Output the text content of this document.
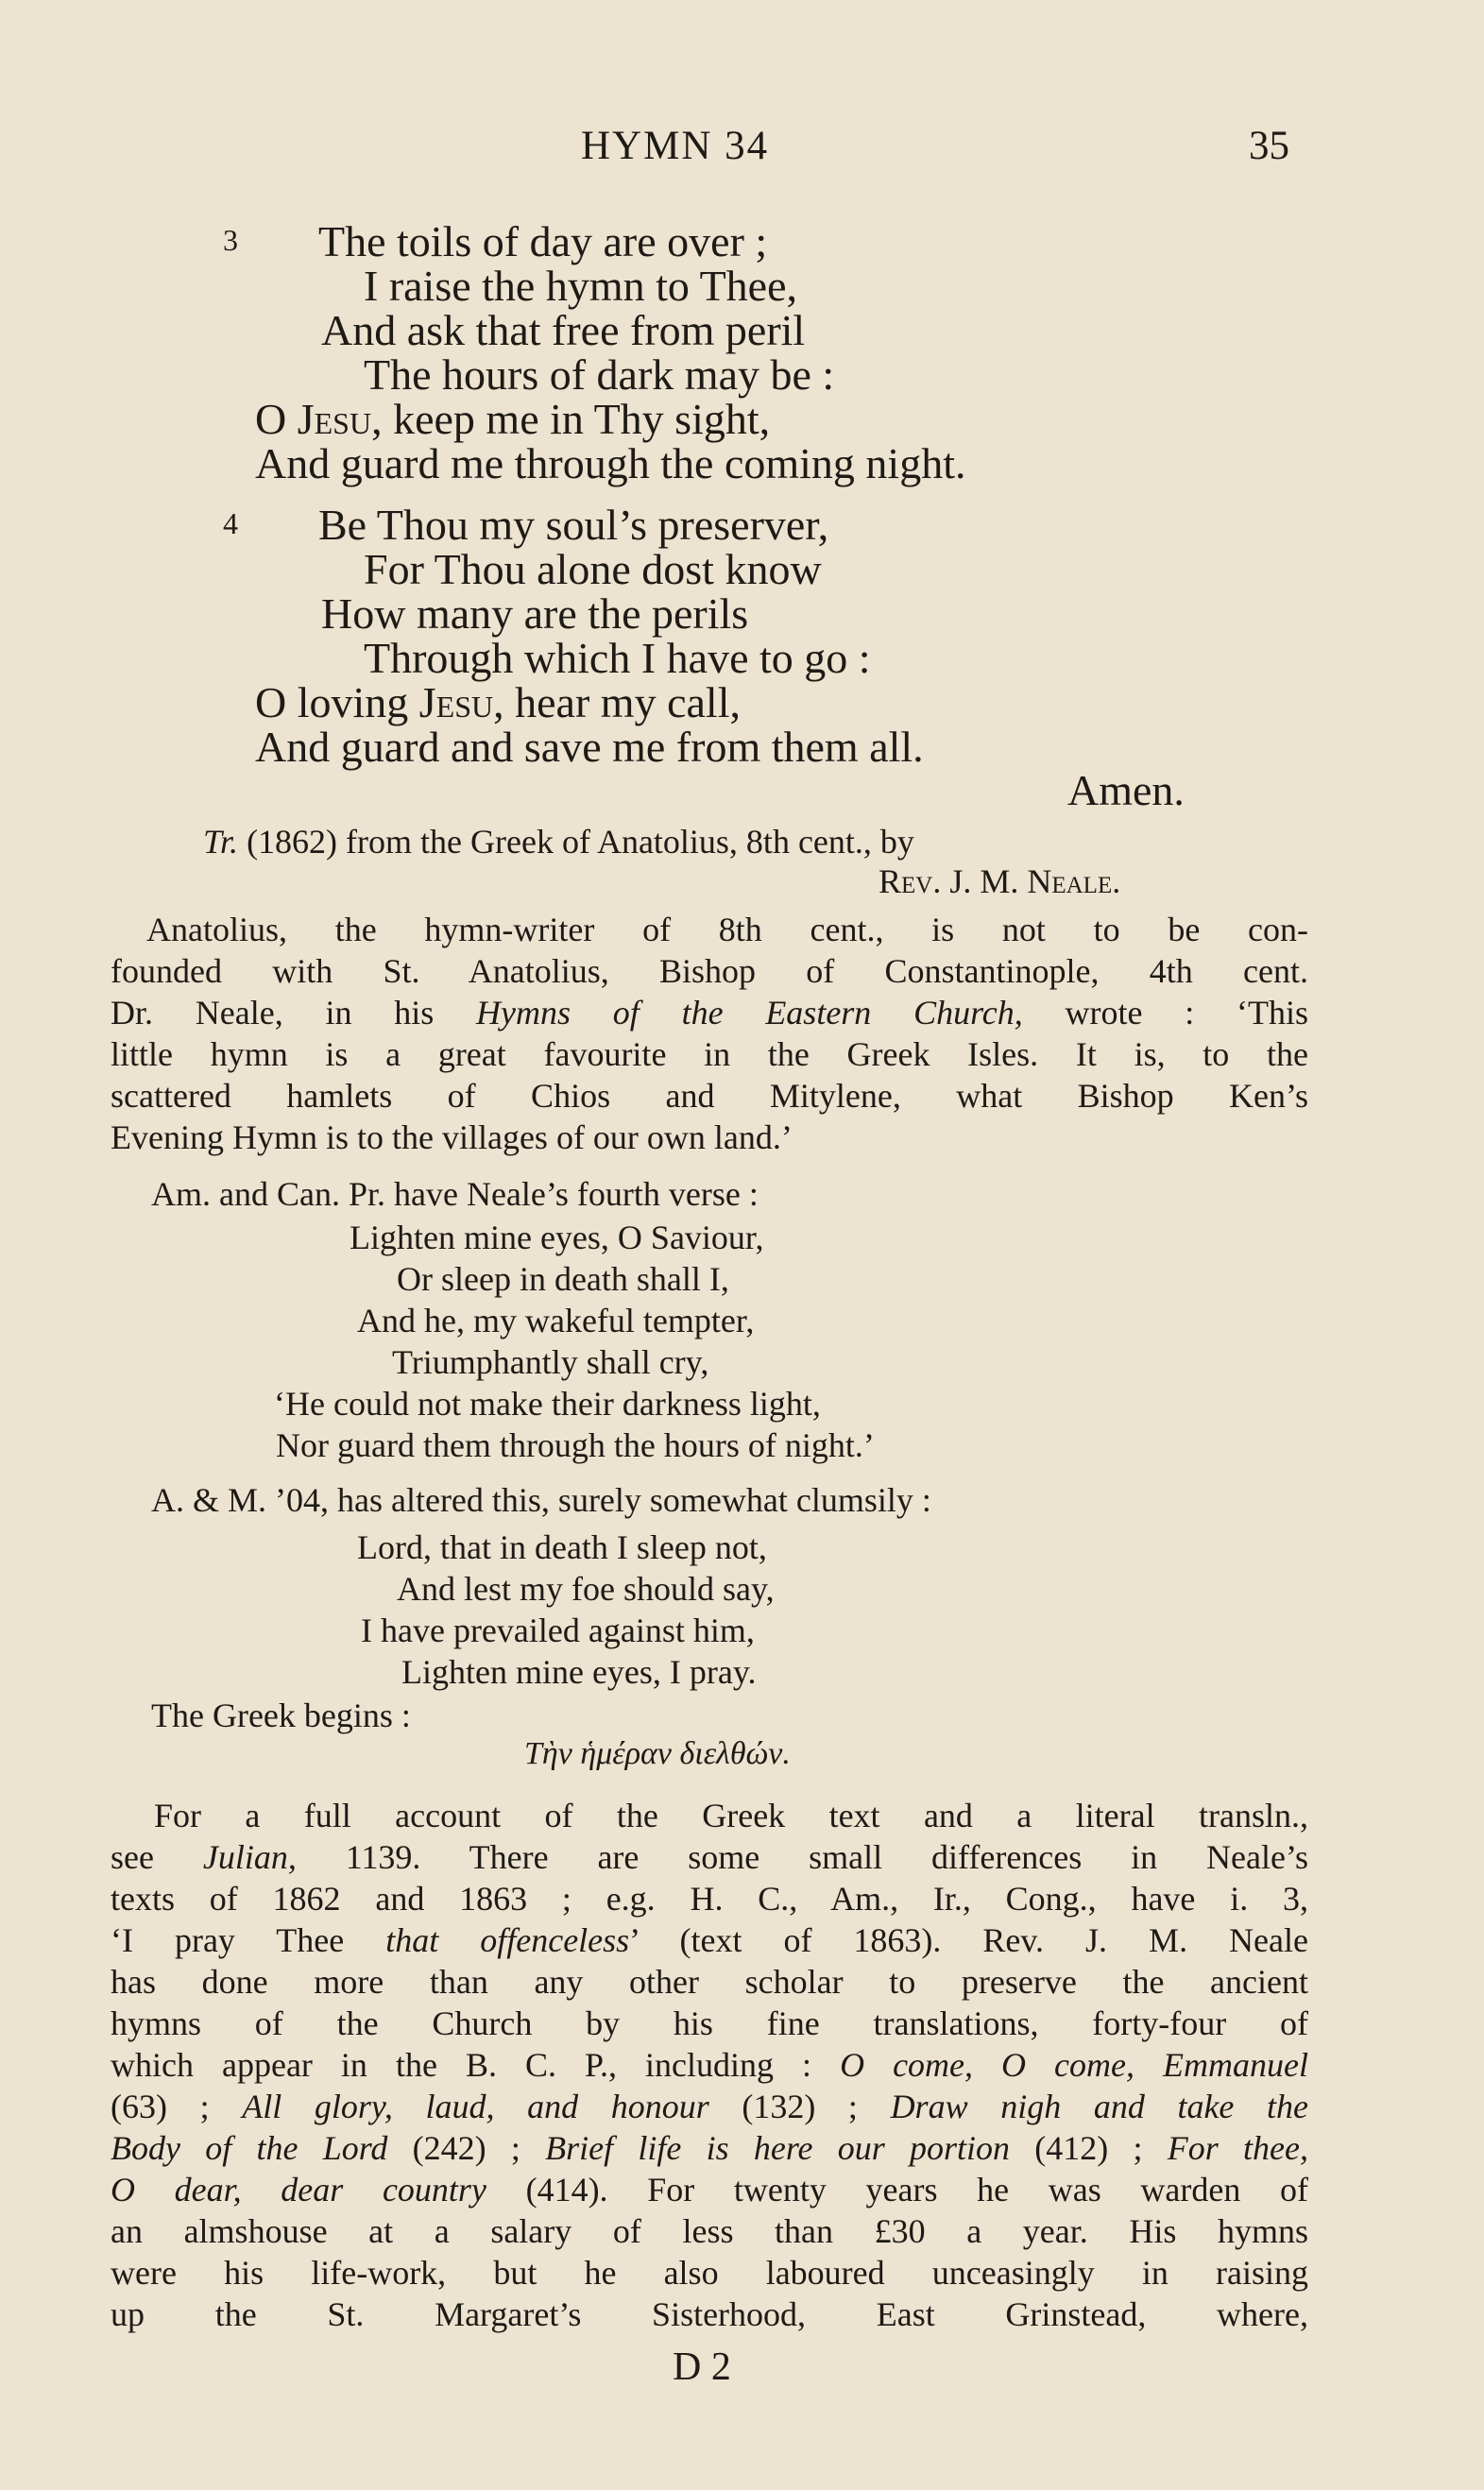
HYMN 34	35
3 The toils of day are over ;
I raise the hymn to Thee,
And ask that free from peril
The hours of dark may be :
O Jesu, keep me in Thy sight,
And guard me through the coming night.
4 Be Thou my soul’s preserver,
For Thou alone dost know
How many are the perils
Through which I have to go :
O loving Jesu, hear my call,
And guard and save me from them all.
Amen.
Tr. (1862) from the Greek of Anatolius, 8th cent., by
Rev. J. M. Neale.
Anatolius, the hymn-writer of 8th cent., is not to be con-
founded with St. Anatolius, Bishop of Constantinople, 4th cent.
Dr. Neale, in his Hymns of the Eastern Church, wrote : ‘This
little hymn is a great favourite in the Greek Isles. It is, to the
scattered hamlets of Chios and Mitylene, what Bishop Ken’s
Evening Hymn is to the villages of our own land.’
Am. and Can. Pr. have Neale’s fourth verse :
Lighten mine eyes, O Saviour,
Or sleep in death shall I,
And he, my wakeful tempter,
Triumphantly shall cry,
‘He could not make their darkness light,
Nor guard them through the hours of night.’
A. & M. ’04, has altered this, surely somewhat clumsily :
Lord, that in death I sleep not,
And lest my foe should say,
I have prevailed against him,
Lighten mine eyes, I pray.
The Greek begins :
Τὴν ἡμέραν διελθών.
For a full account of the Greek text and a literal transln.,
see Julian, 1139. There are some small differences in Neale’s
texts of 1862 and 1863 ; e.g. H. C., Am., Ir., Cong., have i. 3,
‘I pray Thee that offenceless’ (text of 1863). Rev. J. M. Neale
has done more than any other scholar to preserve the ancient
hymns of the Church by his fine translations, forty-four of
which appear in the B. C. P., including : O come, O come, Emmanuel
(63) ; All glory, laud, and honour (132) ; Draw nigh and take the
Body of the Lord (242) ; Brief life is here our portion (412) ; For thee,
O dear, dear country (414). For twenty years he was warden of
an almshouse at a salary of less than £30 a year. His hymns
were his life-work, but he also laboured unceasingly in raising
up the St. Margaret’s Sisterhood, East Grinstead, where,
D 2
